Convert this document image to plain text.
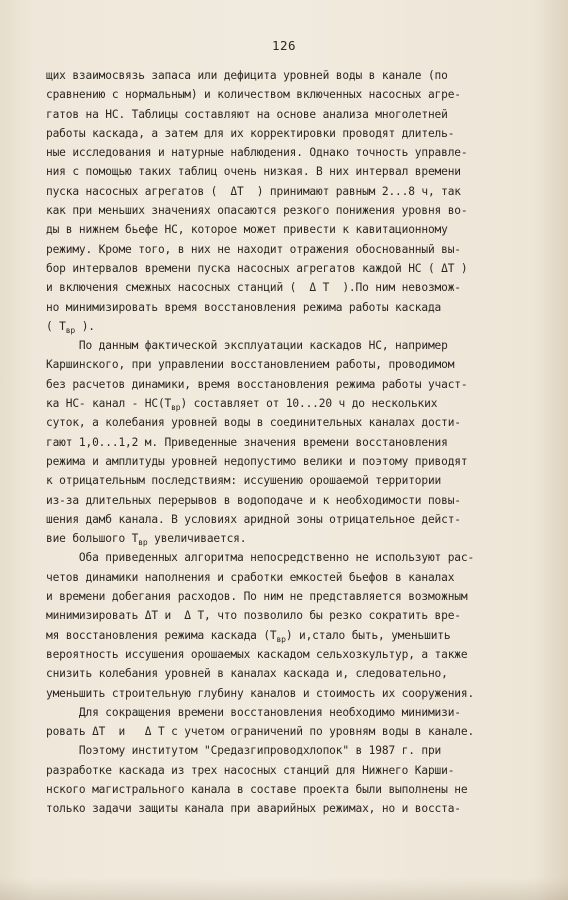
126
щих взаимосвязь запаса или дефицита уровней воды в канале (по
сравнению с нормальным) и количеством включенных насосных агре-
гатов на НС. Таблицы составляют на основе анализа многолетней
работы каскада, а затем для их корректировки проводят длитель-
ные исследования и натурные наблюдения. Однако точность управле-
ния с помощью таких таблиц очень низкая. В них интервал времени
пуска насосных агрегатов (  ΔΤ  ) принимают равным 2...8 ч, так
как при меньших значениях опасаются резкого понижения уровня во-
ды в нижнем бьефе НС, которое может привести к кавитационному
режиму. Кроме того, в них не находит отражения обоснованный вы-
бор интервалов времени пуска насосных агрегатов каждой НС ( ΔΤ )
и включения смежных насосных станций (  Δ T  ).По ним невозмож-
но минимизировать время восстановления режима работы каскада
( $T_{вр}$ ).
По данным фактической эксплуатации каскадов НС, например
Каршинского, при управлении восстановлением работы, проводимом
без расчетов динамики, время восстановления режима работы участ-
ка НС- канал - $НС(T_{вр})$ составляет от 10...20 ч до нескольких
суток, а колебания уровней воды в соединительных каналах дости-
гают 1,0...1,2 м. Приведенные значения времени восстановления
режима и амплитуды уровней недопустимо велики и поэтому приводят
к отрицательным последствиям: иссушению орошаемой территории
из-за длительных перерывов в водоподаче и к необходимости повы-
шения дамб канала. В условиях аридной зоны отрицательное дейст-
вие большого $T_{вр}$ увеличивается.
Оба приведенных алгоритма непосредственно не используют рас-
четов динамики наполнения и сработки емкостей бьефов в каналах
и времени добегания расходов. По ним не представляется возможным
минимизировать ΔΤ и  Δ T, что позволило бы резко сократить вре-
мя восстановления режима каскада $(T_{вр})$ и,стало быть, уменьшить
вероятность иссушения орошаемых каскадом сельхозкультур, а также
снизить колебания уровней в каналах каскада и, следовательно,
уменьшить строительную глубину каналов и стоимость их сооружения.
Для сокращения времени восстановления необходимо минимизи-
ровать ΔΤ  и   Δ T с учетом ограничений по уровням воды в канале.
Поэтому институтом "Средазгипроводхлопок" в 1987 г. при
разработке каскада из трех насосных станций для Нижнего Карши-
нского магистрального канала в составе проекта были выполнены не
только задачи защиты канала при аварийных режимах, но и восста-
